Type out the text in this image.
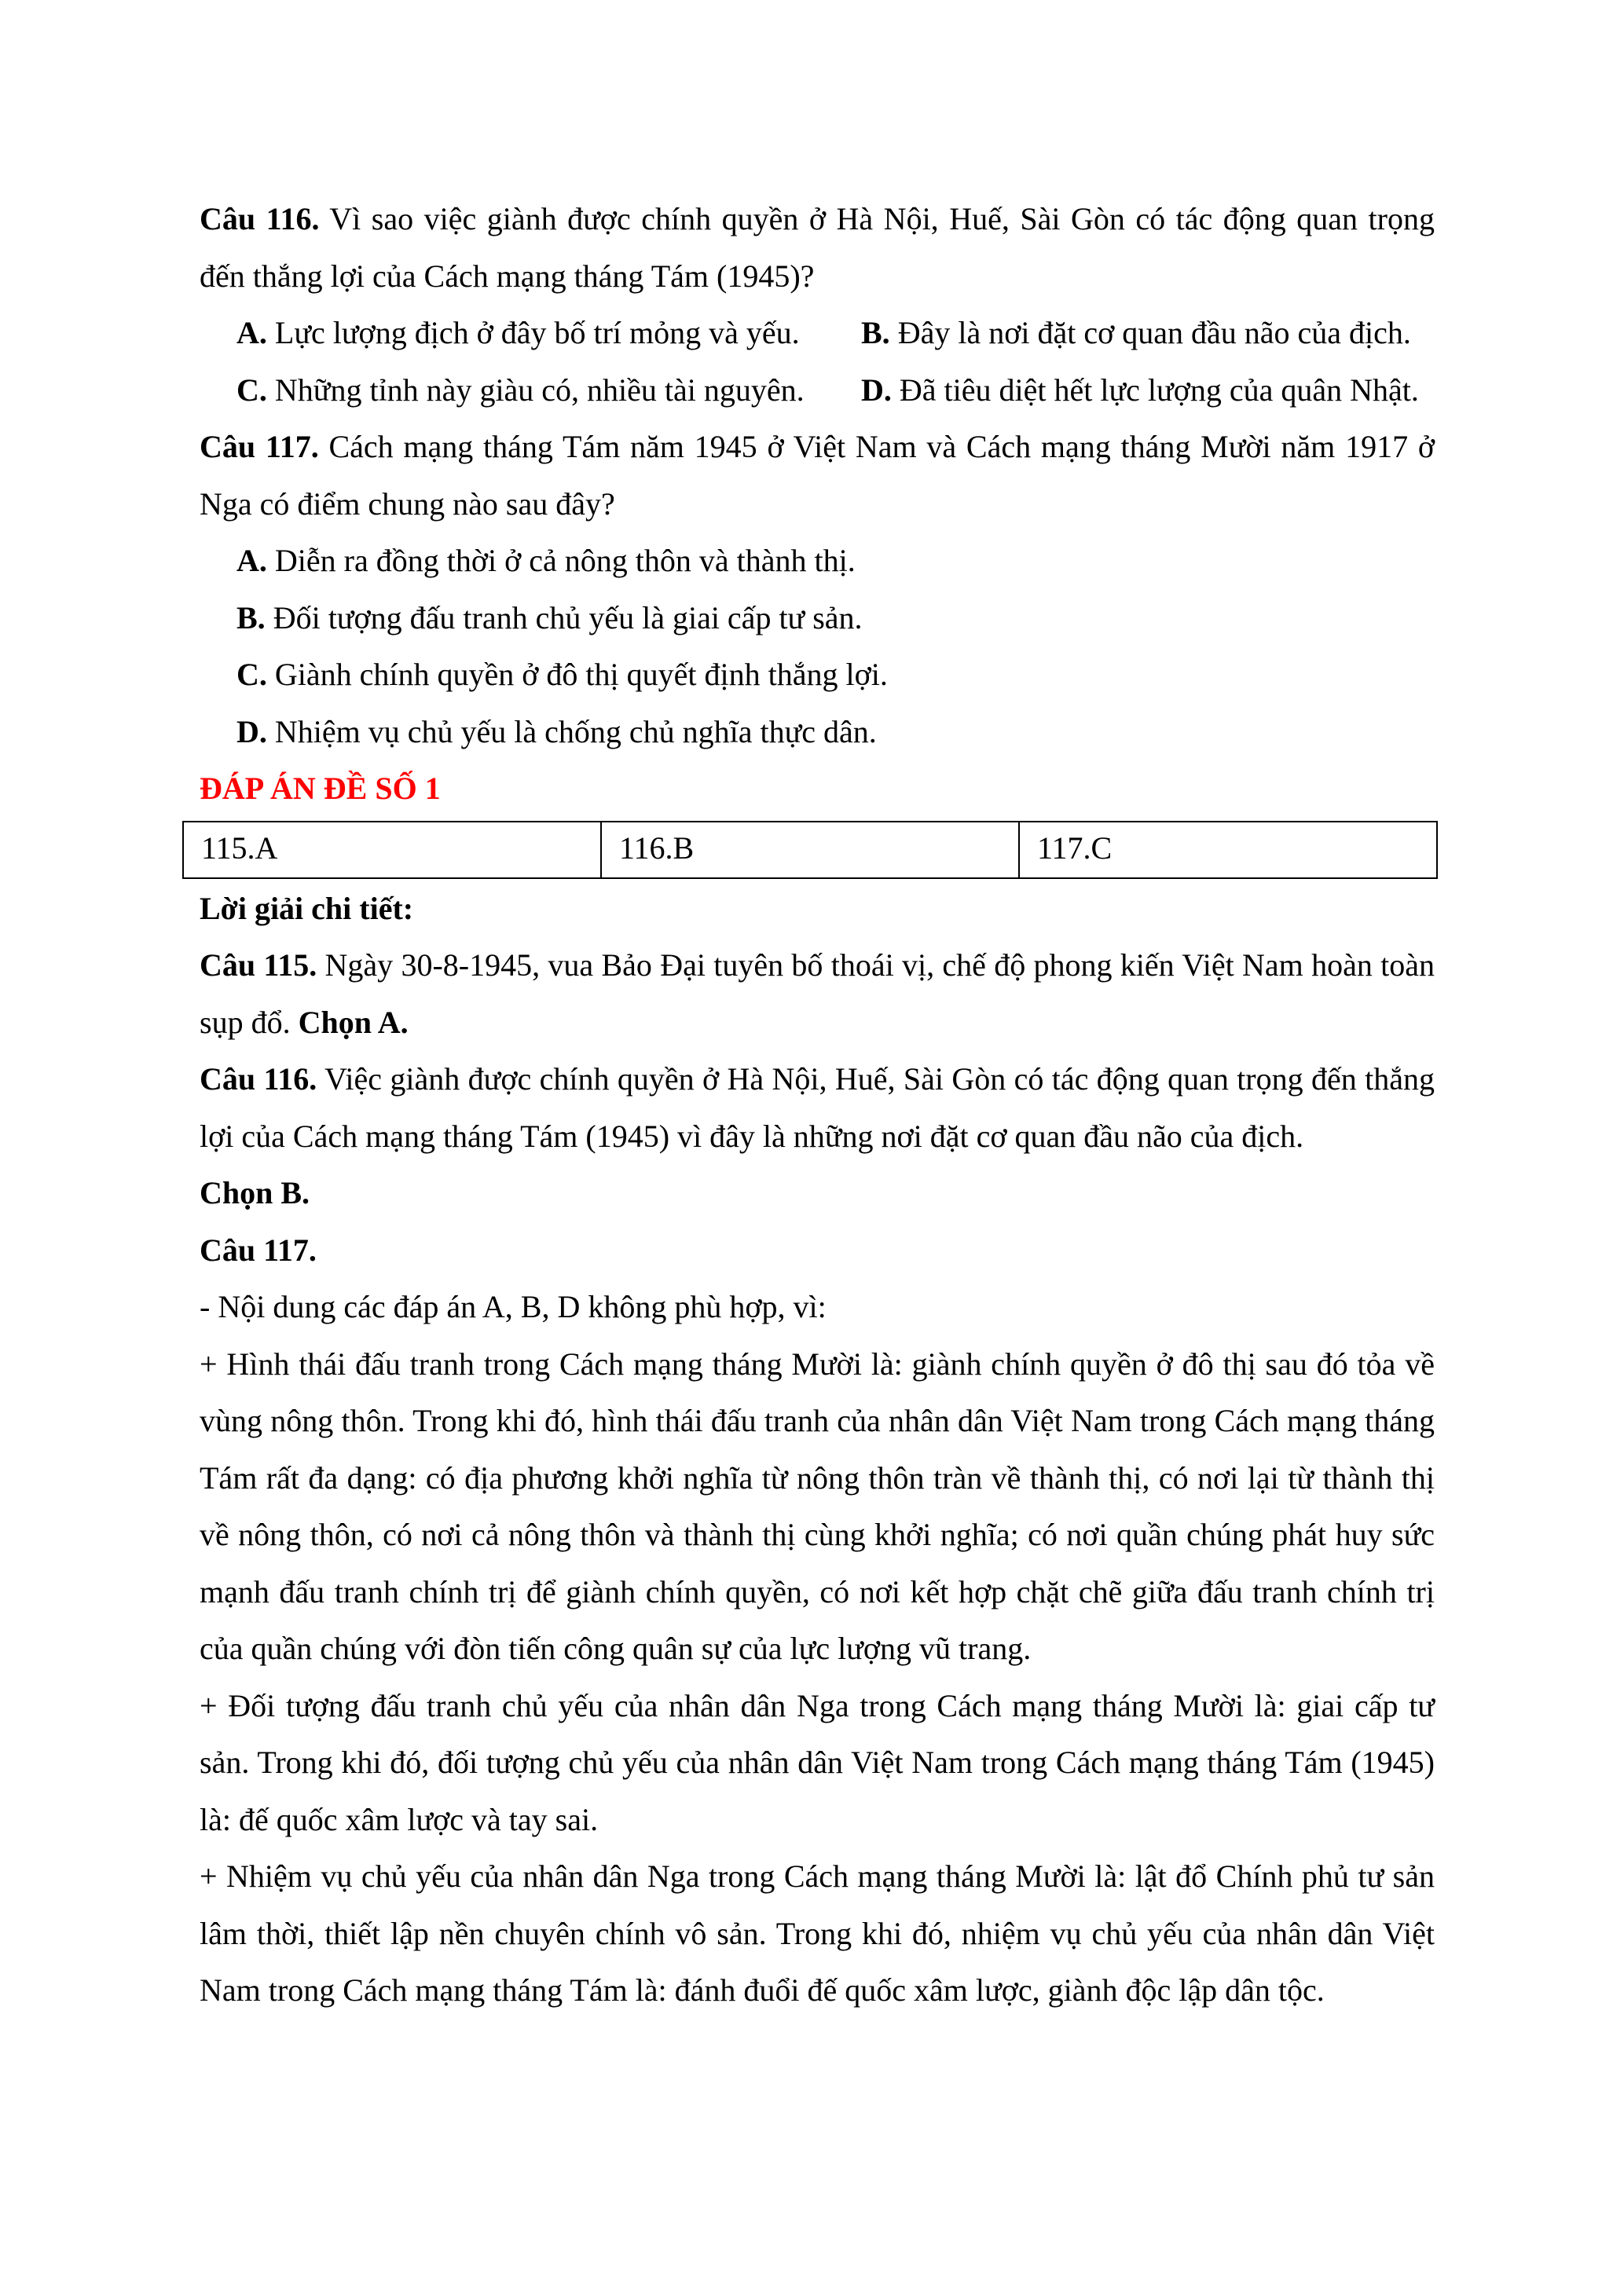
Câu 116. Vì sao việc giành được chính quyền ở Hà Nội, Huế, Sài Gòn có tác động quan trọng đến thắng lợi của Cách mạng tháng Tám (1945)?

A. Lực lượng địch ở đây bố trí mỏng và yếu.	B. Đây là nơi đặt cơ quan đầu não của địch.
C. Những tỉnh này giàu có, nhiều tài nguyên.	D. Đã tiêu diệt hết lực lượng của quân Nhật.

Câu 117. Cách mạng tháng Tám năm 1945 ở Việt Nam và Cách mạng tháng Mười năm 1917 ở Nga có điểm chung nào sau đây?

A. Diễn ra đồng thời ở cả nông thôn và thành thị.

B. Đối tượng đấu tranh chủ yếu là giai cấp tư sản.

C. Giành chính quyền ở đô thị quyết định thắng lợi.

D. Nhiệm vụ chủ yếu là chống chủ nghĩa thực dân.

ĐÁP ÁN ĐỀ SỐ 1

115.A	116.B	117.C

Lời giải chi tiết:

Câu 115. Ngày 30-8-1945, vua Bảo Đại tuyên bố thoái vị, chế độ phong kiến Việt Nam hoàn toàn sụp đổ. Chọn A.

Câu 116. Việc giành được chính quyền ở Hà Nội, Huế, Sài Gòn có tác động quan trọng đến thắng lợi của Cách mạng tháng Tám (1945) vì đây là những nơi đặt cơ quan đầu não của địch.

Chọn B.

Câu 117.

- Nội dung các đáp án A, B, D không phù hợp, vì:

+ Hình thái đấu tranh trong Cách mạng tháng Mười là: giành chính quyền ở đô thị sau đó tỏa về vùng nông thôn. Trong khi đó, hình thái đấu tranh của nhân dân Việt Nam trong Cách mạng tháng Tám rất đa dạng: có địa phương khởi nghĩa từ nông thôn tràn về thành thị, có nơi lại từ thành thị về nông thôn, có nơi cả nông thôn và thành thị cùng khởi nghĩa; có nơi quần chúng phát huy sức mạnh đấu tranh chính trị để giành chính quyền, có nơi kết hợp chặt chẽ giữa đấu tranh chính trị của quần chúng với đòn tiến công quân sự của lực lượng vũ trang.

+ Đối tượng đấu tranh chủ yếu của nhân dân Nga trong Cách mạng tháng Mười là: giai cấp tư sản. Trong khi đó, đối tượng chủ yếu của nhân dân Việt Nam trong Cách mạng tháng Tám (1945) là: đế quốc xâm lược và tay sai.

+ Nhiệm vụ chủ yếu của nhân dân Nga trong Cách mạng tháng Mười là: lật đổ Chính phủ tư sản lâm thời, thiết lập nền chuyên chính vô sản. Trong khi đó, nhiệm vụ chủ yếu của nhân dân Việt Nam trong Cách mạng tháng Tám là: đánh đuổi đế quốc xâm lược, giành độc lập dân tộc.
